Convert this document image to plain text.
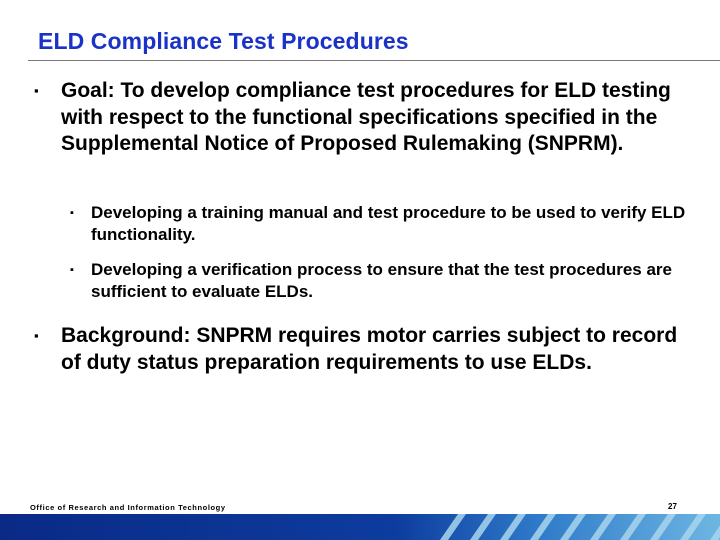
ELD Compliance Test Procedures
▪ Goal: To develop compliance test procedures for ELD testing with respect to the functional specifications specified in the Supplemental Notice of Proposed Rulemaking (SNPRM).
▪ Developing a training manual and test procedure to be used to verify ELD functionality.
▪ Developing a verification process to ensure that the test procedures are sufficient to evaluate ELDs.
▪ Background: SNPRM requires motor carries subject to record of duty status preparation requirements to use ELDs.
Office of Research and Information Technology	27
